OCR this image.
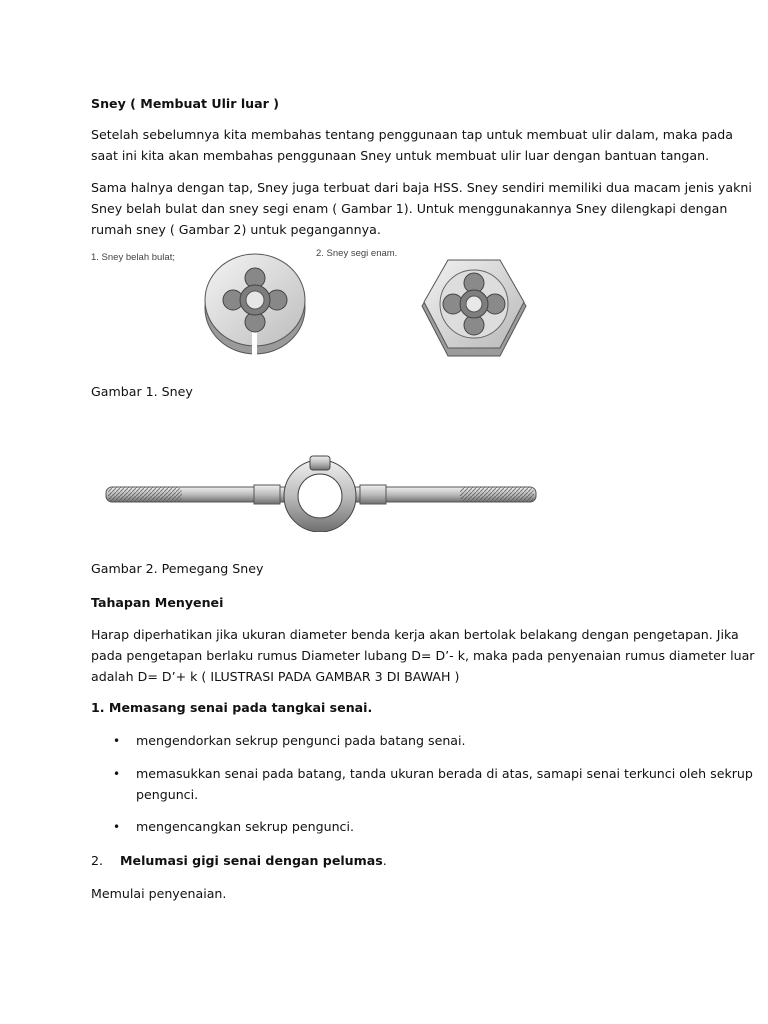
Sney ( Membuat Ulir luar )

Setelah sebelumnya kita membahas tentang penggunaan tap untuk membuat ulir dalam, maka pada
saat ini kita akan membahas penggunaan Sney untuk membuat ulir luar dengan bantuan tangan.
Sama halnya dengan tap, Sney juga terbuat dari baja HSS. Sney sendiri memiliki dua macam jenis yakni
Sney belah bulat dan sney segi enam ( Gambar 1). Untuk menggunakannya Sney dilengkapi dengan
rumah sney ( Gambar 2) untuk pegangannya.
1. Sney belah bulat;	2. Sney segi enam.

Gambar 1. Sney

Gambar 2. Pemegang Sney

Tahapan Menyenei

Harap diperhatikan jika ukuran diameter benda kerja akan bertolak belakang dengan pengetapan. Jika
pada pengetapan berlaku rumus Diameter lubang D= D’- k, maka pada penyenaian rumus diameter luar
adalah D= D’+ k ( ILUSTRASI PADA GAMBAR 3 DI BAWAH )

1. Memasang senai pada tangkai senai.

• mengendorkan sekrup pengunci pada batang senai.
• memasukkan senai pada batang, tanda ukuran berada di atas, samapi senai terkunci oleh sekrup
pengunci.
• mengencangkan sekrup pengunci.

2. Melumasi gigi senai dengan pelumas.

Memulai penyenaian.
